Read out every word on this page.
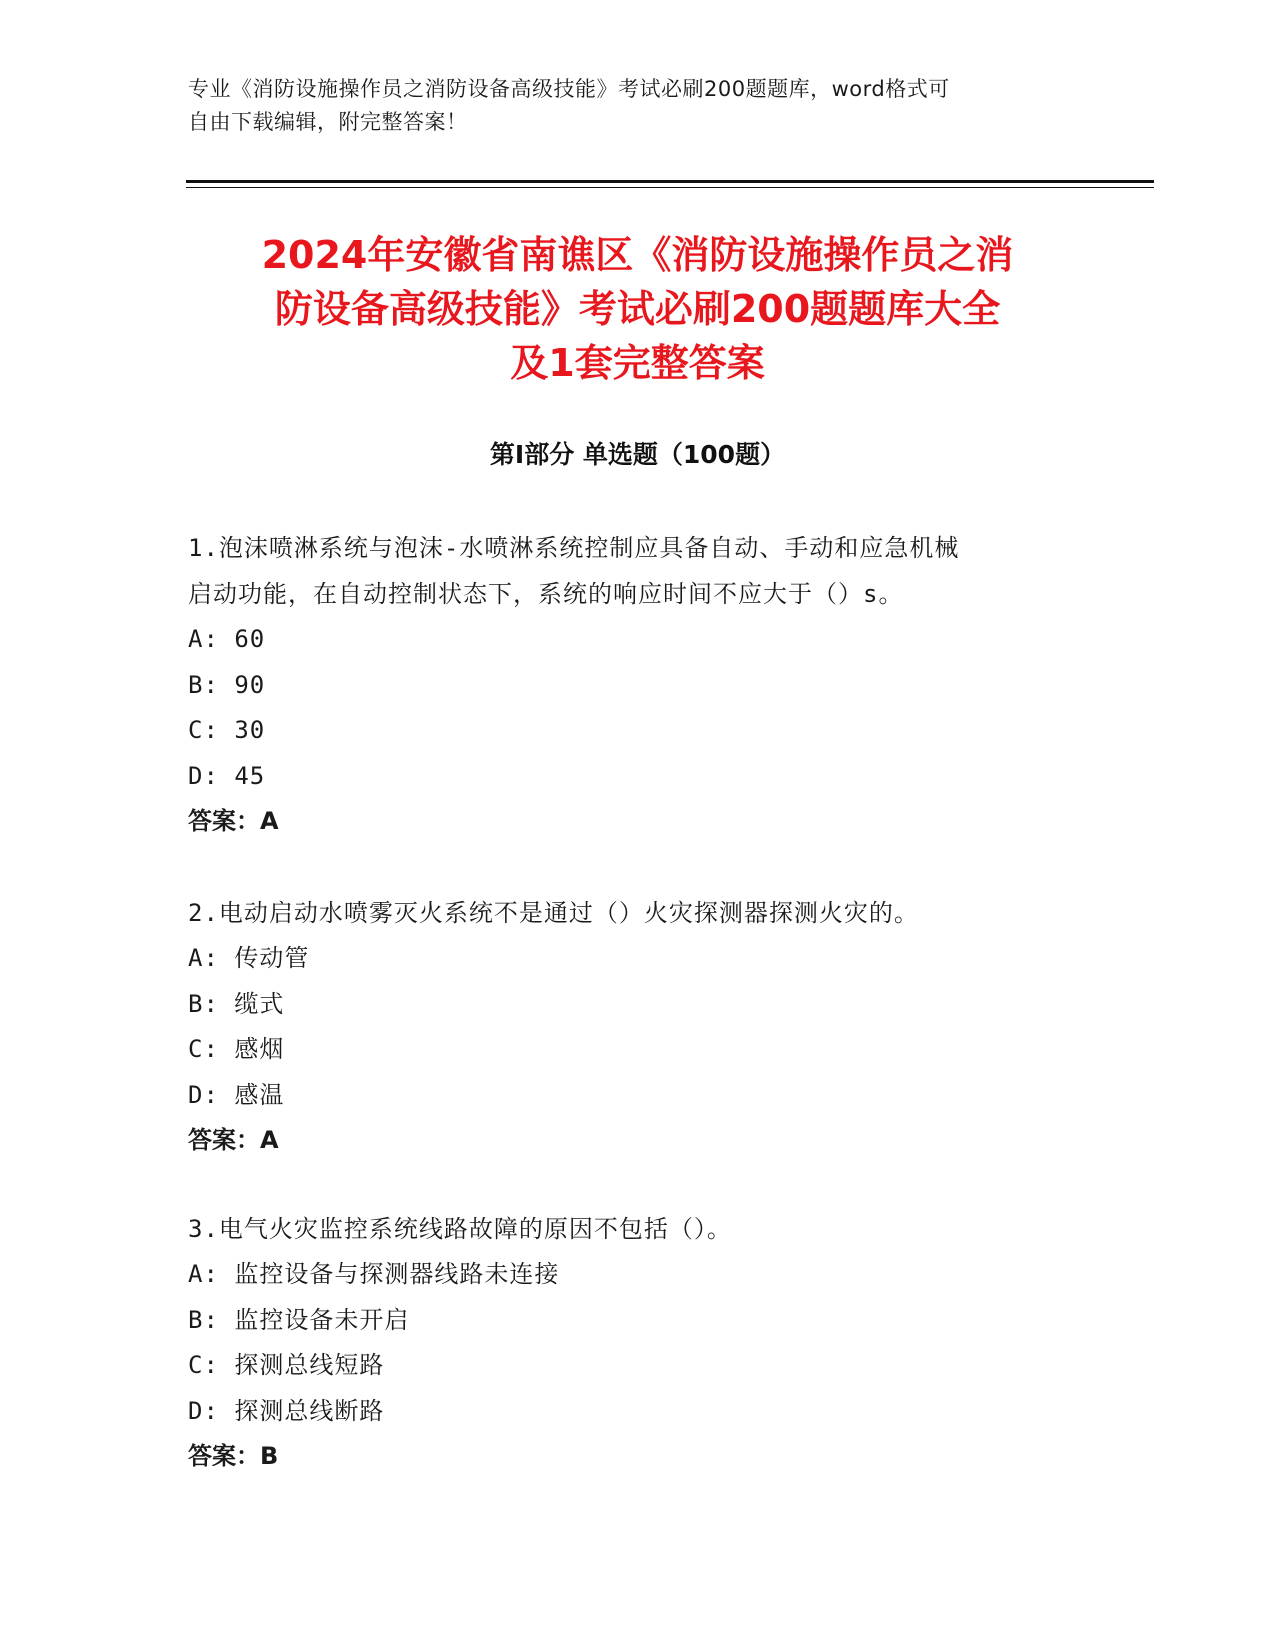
专业《消防设施操作员之消防设备高级技能》考试必刷200题题库，word格式可
自由下载编辑，附完整答案！
2024年安徽省南谯区《消防设施操作员之消
防设备高级技能》考试必刷200题题库大全
及1套完整答案
第Ⅰ部分 单选题（100题）
1.泡沫喷淋系统与泡沫-水喷淋系统控制应具备自动、手动和应急机械
启动功能，在自动控制状态下，系统的响应时间不应大于（）s。
A: 60
B: 90
C: 30
D: 45
答案：A
2.电动启动水喷雾灭火系统不是通过（）火灾探测器探测火灾的。
A: 传动管
B: 缆式
C: 感烟
D: 感温
答案：A
3.电气火灾监控系统线路故障的原因不包括（）。
A: 监控设备与探测器线路未连接
B: 监控设备未开启
C: 探测总线短路
D: 探测总线断路
答案：B
